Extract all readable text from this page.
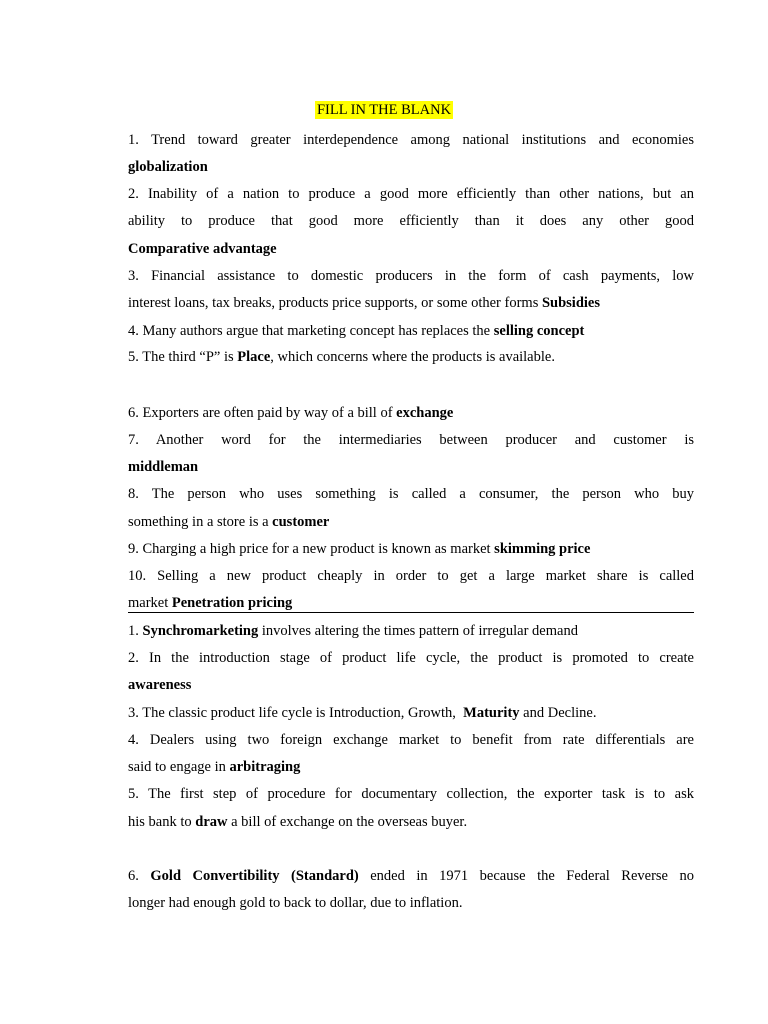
FILL IN THE BLANK
1. Trend toward greater interdependence among national institutions and economies
globalization
2. Inability of a nation to produce a good more efficiently than other nations, but an
ability to produce that good more efficiently than it does any other good
Comparative advantage
3. Financial assistance to domestic producers in the form of cash payments, low
interest loans, tax breaks, products price supports, or some other forms Subsidies
4. Many authors argue that marketing concept has replaces the selling concept
5. The third “P” is Place, which concerns where the products is available.
6. Exporters are often paid by way of a bill of exchange
7. Another word for the intermediaries between producer and customer is
middleman
8. The person who uses something is called a consumer, the person who buy
something in a store is a customer
9. Charging a high price for a new product is known as market skimming price
10. Selling a new product cheaply in order to get a large market share is called
market Penetration pricing
1. Synchromarketing involves altering the times pattern of irregular demand
2. In the introduction stage of product life cycle, the product is promoted to create
awareness
3. The classic product life cycle is Introduction, Growth, Maturity and Decline.
4. Dealers using two foreign exchange market to benefit from rate differentials are
said to engage in arbitraging
5. The first step of procedure for documentary collection, the exporter task is to ask
his bank to draw a bill of exchange on the overseas buyer.
6. Gold Convertibility (Standard) ended in 1971 because the Federal Reverse no
longer had enough gold to back to dollar, due to inflation.
